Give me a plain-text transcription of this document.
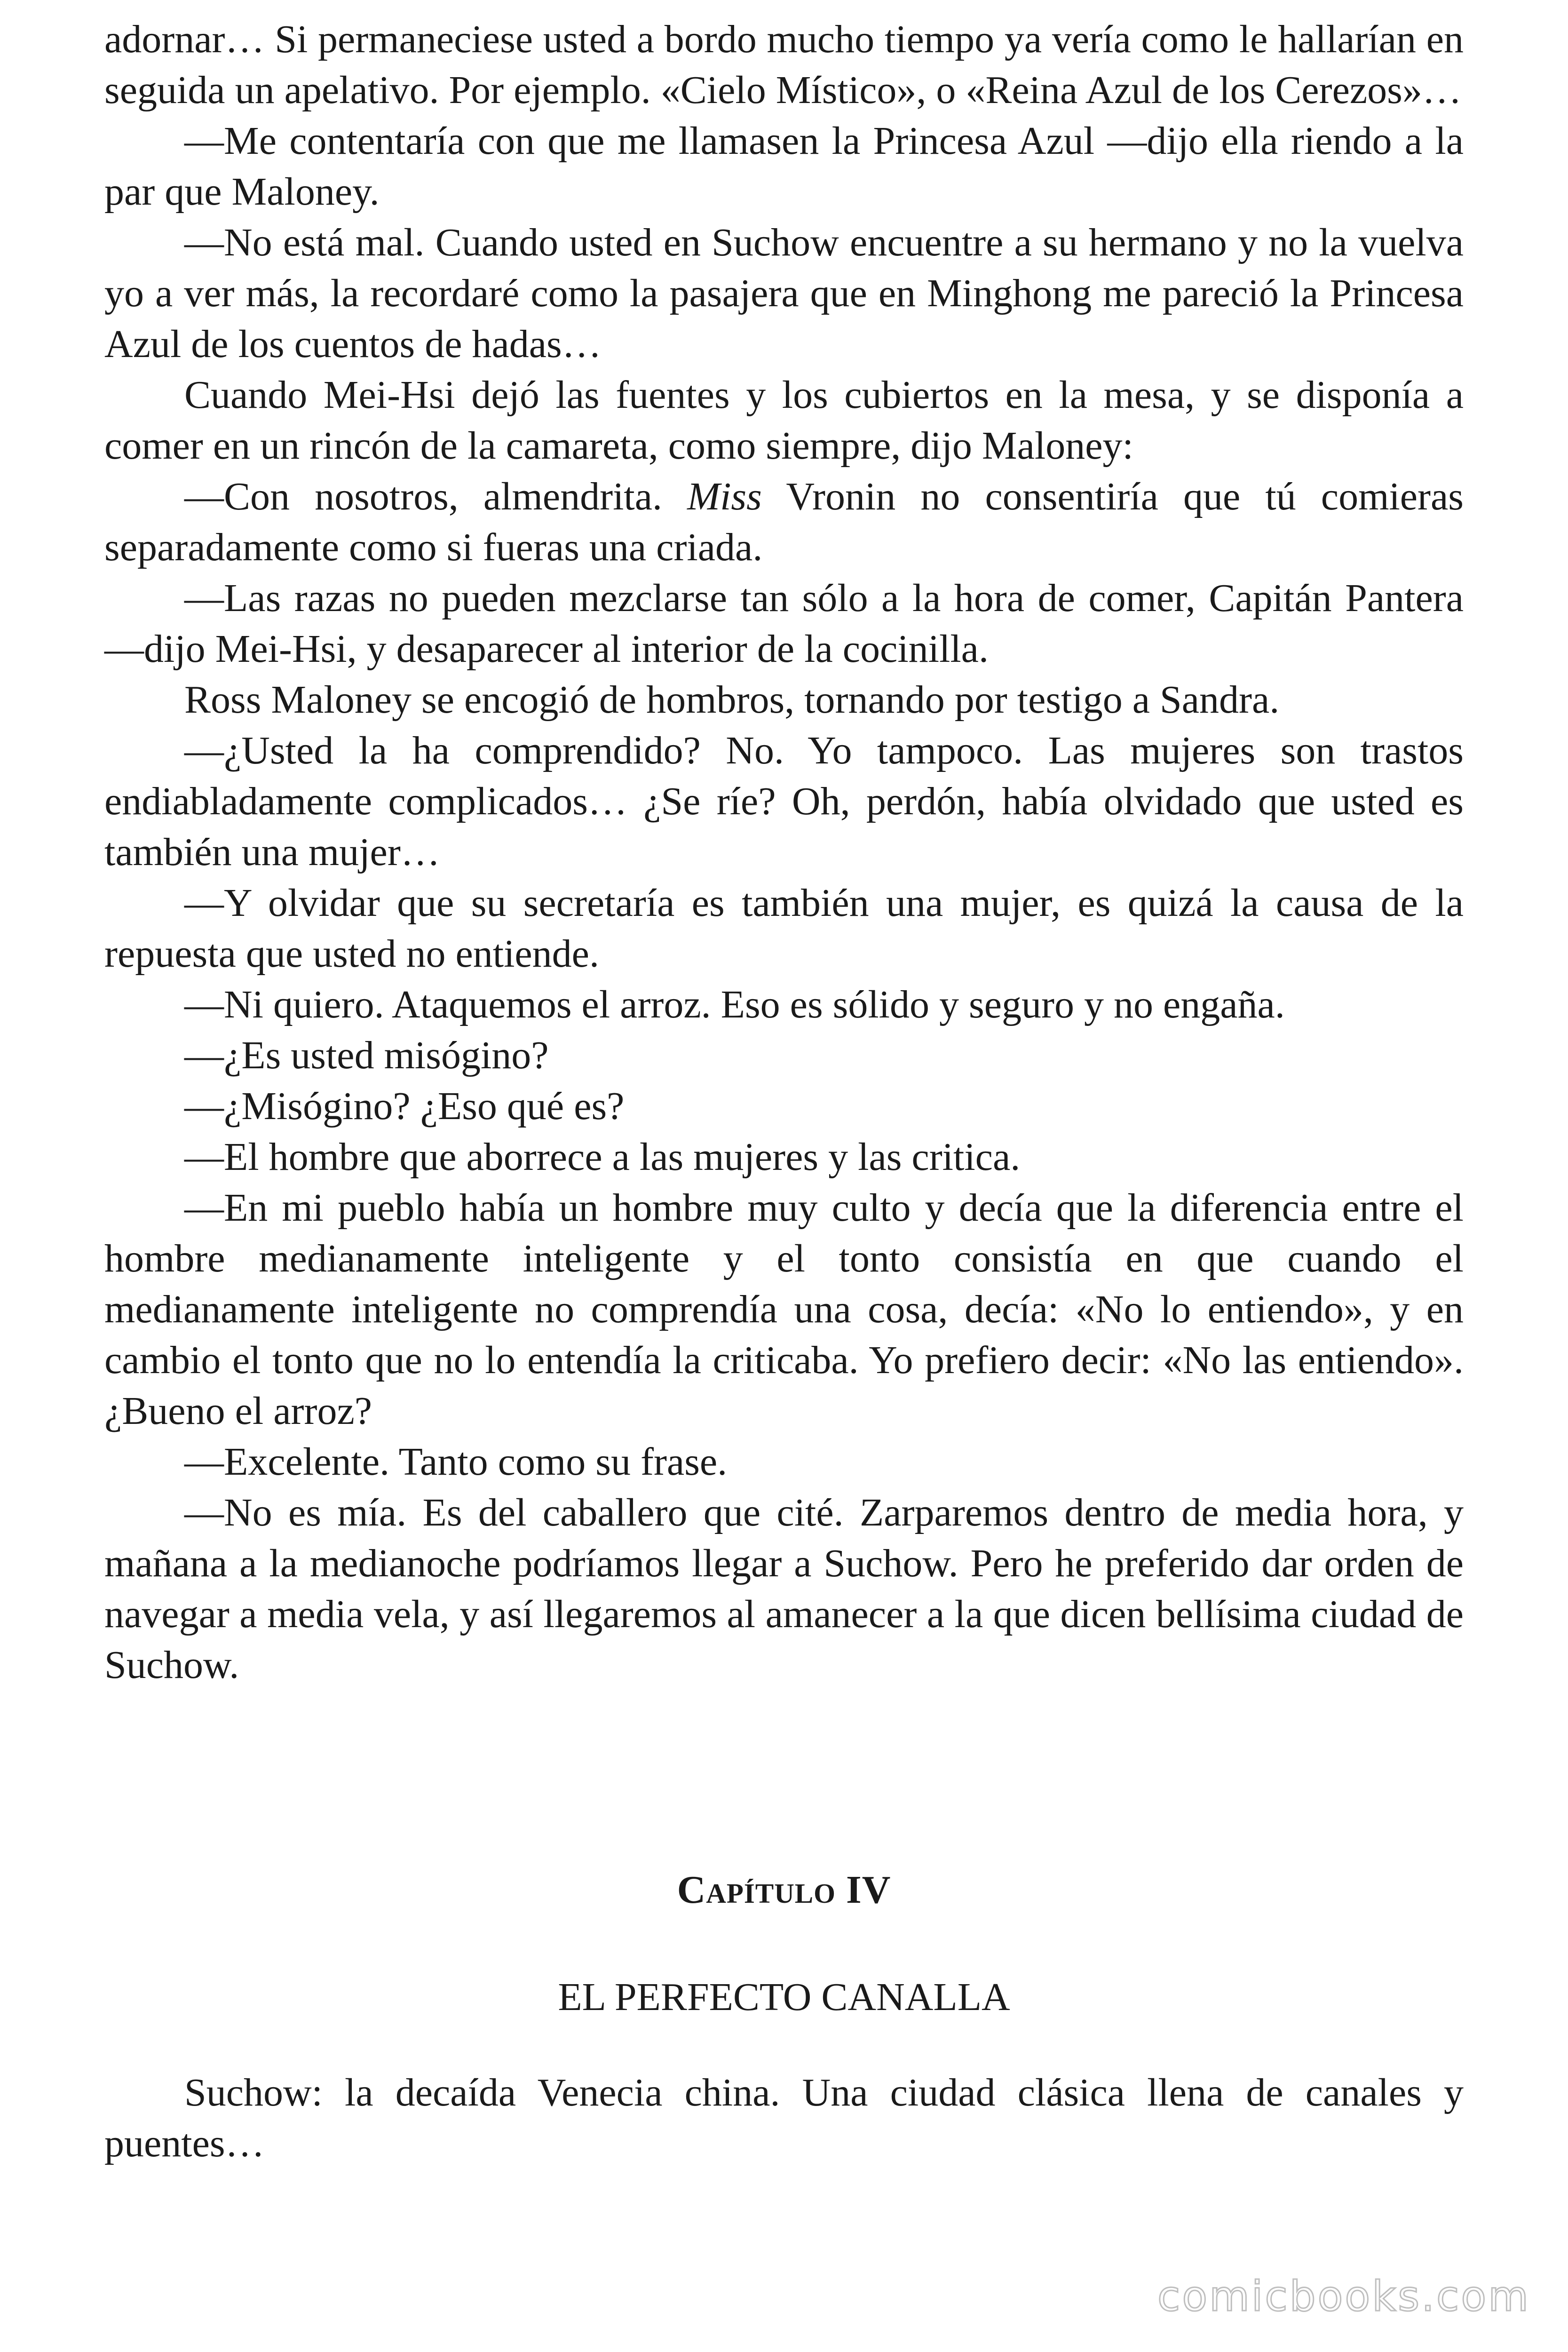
adornar… Si permaneciese usted a bordo mucho tiempo ya vería como le hallarían en seguida un apelativo. Por ejemplo. «Cielo Místico», o «Reina Azul de los Cerezos»…

—Me contentaría con que me llamasen la Princesa Azul —dijo ella riendo a la par que Maloney.

—No está mal. Cuando usted en Suchow encuentre a su hermano y no la vuelva yo a ver más, la recordaré como la pasajera que en Minghong me pareció la Princesa Azul de los cuentos de hadas…

Cuando Mei-Hsi dejó las fuentes y los cubiertos en la mesa, y se disponía a comer en un rincón de la camareta, como siempre, dijo Maloney:

—Con nosotros, almendrita. Miss Vronin no consentiría que tú comieras separadamente como si fueras una criada.

—Las razas no pueden mezclarse tan sólo a la hora de comer, Capitán Pantera —dijo Mei-Hsi, y desaparecer al interior de la cocinilla.

Ross Maloney se encogió de hombros, tornando por testigo a Sandra.

—¿Usted la ha comprendido? No. Yo tampoco. Las mujeres son trastos endiabladamente complicados… ¿Se ríe? Oh, perdón, había olvidado que usted es también una mujer…

—Y olvidar que su secretaría es también una mujer, es quizá la causa de la repuesta que usted no entiende.

—Ni quiero. Ataquemos el arroz. Eso es sólido y seguro y no engaña.

—¿Es usted misógino?

—¿Misógino? ¿Eso qué es?

—El hombre que aborrece a las mujeres y las critica.

—En mi pueblo había un hombre muy culto y decía que la diferencia entre el hombre medianamente inteligente y el tonto consistía en que cuando el medianamente inteligente no comprendía una cosa, decía: «No lo entiendo», y en cambio el tonto que no lo entendía la criticaba. Yo prefiero decir: «No las entiendo». ¿Bueno el arroz?

—Excelente. Tanto como su frase.

—No es mía. Es del caballero que cité. Zarparemos dentro de media hora, y mañana a la medianoche podríamos llegar a Suchow. Pero he preferido dar orden de navegar a media vela, y así llegaremos al amanecer a la que dicen bellísima ciudad de Suchow.

Capítulo IV
EL PERFECTO CANALLA

Suchow: la decaída Venecia china. Una ciudad clásica llena de canales y puentes…

comicbooks.com
